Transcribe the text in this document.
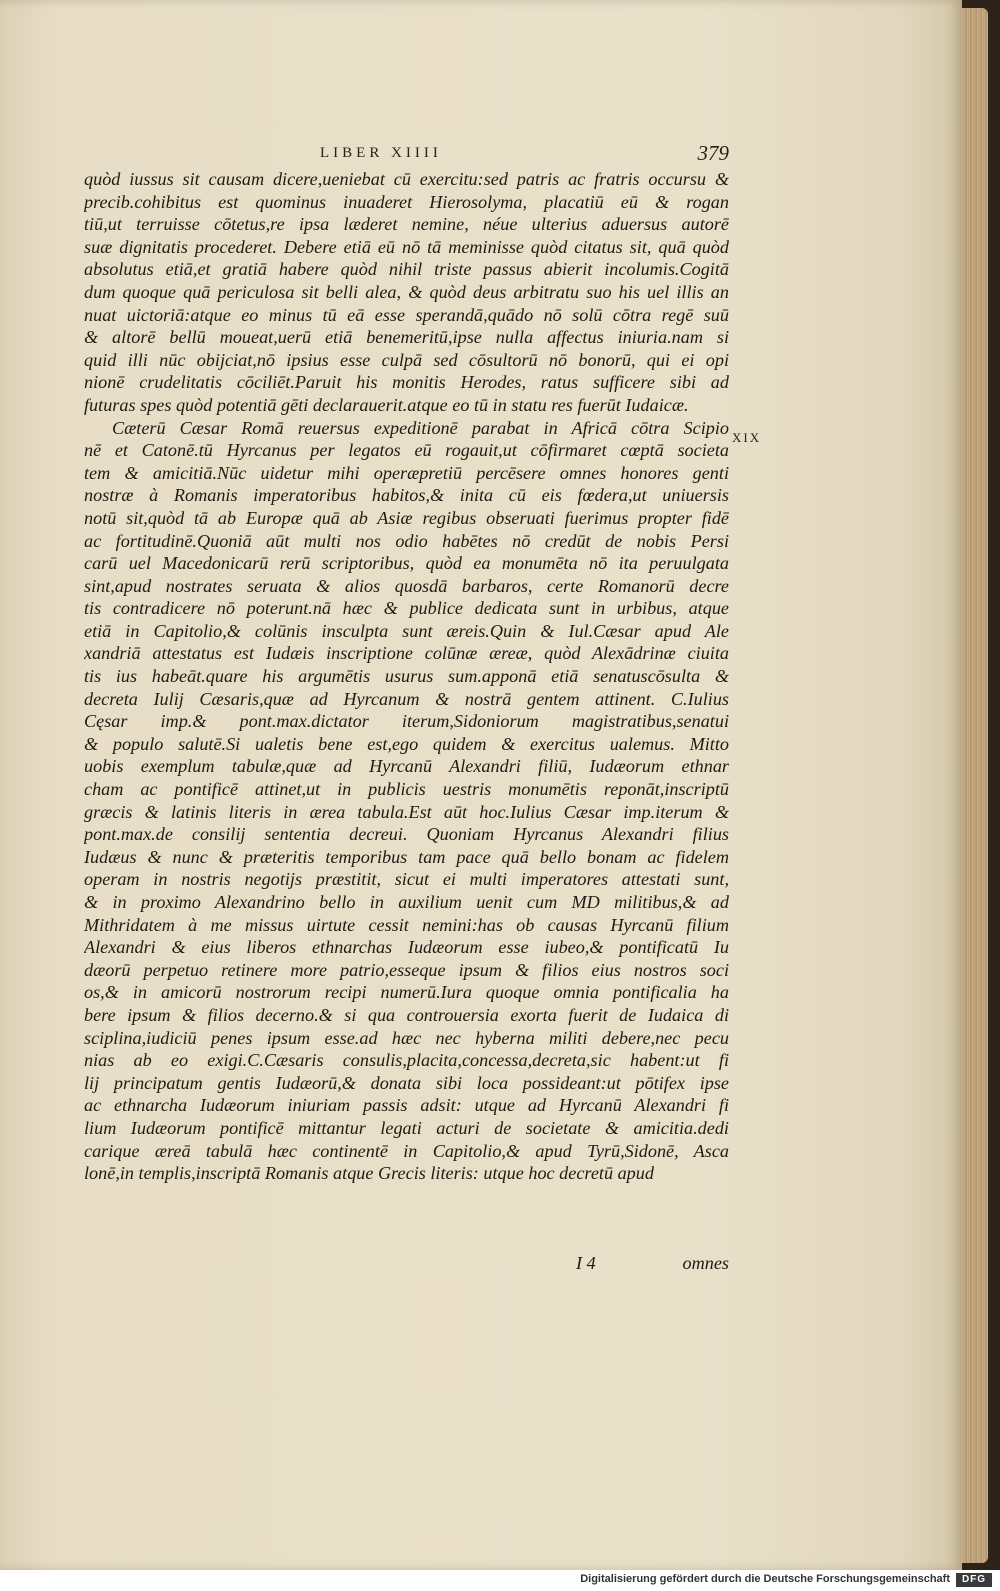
LIBER XIIII	379
quòd iussus sit causam dicere,ueniebat cū exercitu:sed patris ac fratris occursu &
precib.cohibitus est quominus inuaderet Hierosolyma, placatiū eū & rogan
tiū,ut terruisse cōtetus,re ipsa læderet nemine, néue ulterius aduersus autorē
suæ dignitatis procederet. Debere etiā eū nō tā meminisse quòd citatus sit, quā quòd
absolutus etiā,et gratiā habere quòd nihil triste passus abierit incolumis.Cogitā
dum quoque quā periculosa sit belli alea, & quòd deus arbitratu suo his uel illis an
nuat uictoriā:atque eo minus tū eā esse sperandā,quādo nō solū cōtra regē suū
& altorē bellū moueat,uerū etiā benemeritū,ipse nulla affectus iniuria.nam si
quid illi nūc obijciat,nō ipsius esse culpā sed cōsultorū nō bonorū, qui ei opi
nionē crudelitatis cōciliēt.Paruit his monitis Herodes, ratus sufficere sibi ad
futuras spes quòd potentiā gēti declarauerit.atque eo tū in statu res fuerūt Iudaicæ.
Cæterū Cæsar Romā reuersus expeditionē parabat in Africā cōtra Scipio
nē et Catonē.tū Hyrcanus per legatos eū rogauit,ut cōfirmaret cœptā societa
tem & amicitiā.Nūc uidetur mihi operæpretiū percēsere omnes honores genti
nostræ à Romanis imperatoribus habitos,& inita cū eis fœdera,ut uniuersis
notū sit,quòd tā ab Europæ quā ab Asiæ regibus obseruati fuerimus propter fidē
ac fortitudinē.Quoniā aūt multi nos odio habētes nō credūt de nobis Persi
carū uel Macedonicarū rerū scriptoribus, quòd ea monumēta nō ita peruulgata
sint,apud nostrates seruata & alios quosdā barbaros, certe Romanorū decre
tis contradicere nō poterunt.nā hæc & publice dedicata sunt in urbibus, atque
etiā in Capitolio,& colūnis insculpta sunt æreis.Quin & Iul.Cæsar apud Ale
xandriā attestatus est Iudæis inscriptione colūnæ æreæ, quòd Alexādrinæ ciuita
tis ius habeāt.quare his argumētis usurus sum.apponā etiā senatuscōsulta &
decreta Iulij Cæsaris,quæ ad Hyrcanum & nostrā gentem attinent. C.Iulius
Cęsar imp.& pont.max.dictator iterum,Sidoniorum magistratibus,senatui
& populo salutē.Si ualetis bene est,ego quidem & exercitus ualemus. Mitto
uobis exemplum tabulæ,quæ ad Hyrcanū Alexandri filiū, Iudæorum ethnar
cham ac pontificē attinet,ut in publicis uestris monumētis reponāt,inscriptū
græcis & latinis literis in ærea tabula.Est aūt hoc.Iulius Cæsar imp.iterum &
pont.max.de consilij sententia decreui. Quoniam Hyrcanus Alexandri filius
Iudæus & nunc & præteritis temporibus tam pace quā bello bonam ac fidelem
operam in nostris negotijs præstitit, sicut ei multi imperatores attestati sunt,
& in proximo Alexandrino bello in auxilium uenit cum MD militibus,& ad
Mithridatem à me missus uirtute cessit nemini:has ob causas Hyrcanū filium
Alexandri & eius liberos ethnarchas Iudæorum esse iubeo,& pontificatū Iu
dæorū perpetuo retinere more patrio,esseque ipsum & filios eius nostros soci
os,& in amicorū nostrorum recipi numerū.Iura quoque omnia pontificalia ha
bere ipsum & filios decerno.& si qua controuersia exorta fuerit de Iudaica di
sciplina,iudiciū penes ipsum esse.ad hæc nec hyberna militi debere,nec pecu
nias ab eo exigi.C.Cæsaris consulis,placita,concessa,decreta,sic habent:ut fi
lij principatum gentis Iudæorū,& donata sibi loca possideant:ut pōtifex ipse
ac ethnarcha Iudæorum iniuriam passis adsit: utque ad Hyrcanū Alexandri fi
lium Iudæorum pontificē mittantur legati acturi de societate & amicitia.dedi
carique æreā tabulā hæc continentē in Capitolio,& apud Tyrū,Sidonē, Asca
lonē,in templis,inscriptā Romanis atque Grecis literis: utque hoc decretū apud
XIX
I 4	omnes
Digitalisierung gefördert durch die Deutsche Forschungsgemeinschaft	DFG
